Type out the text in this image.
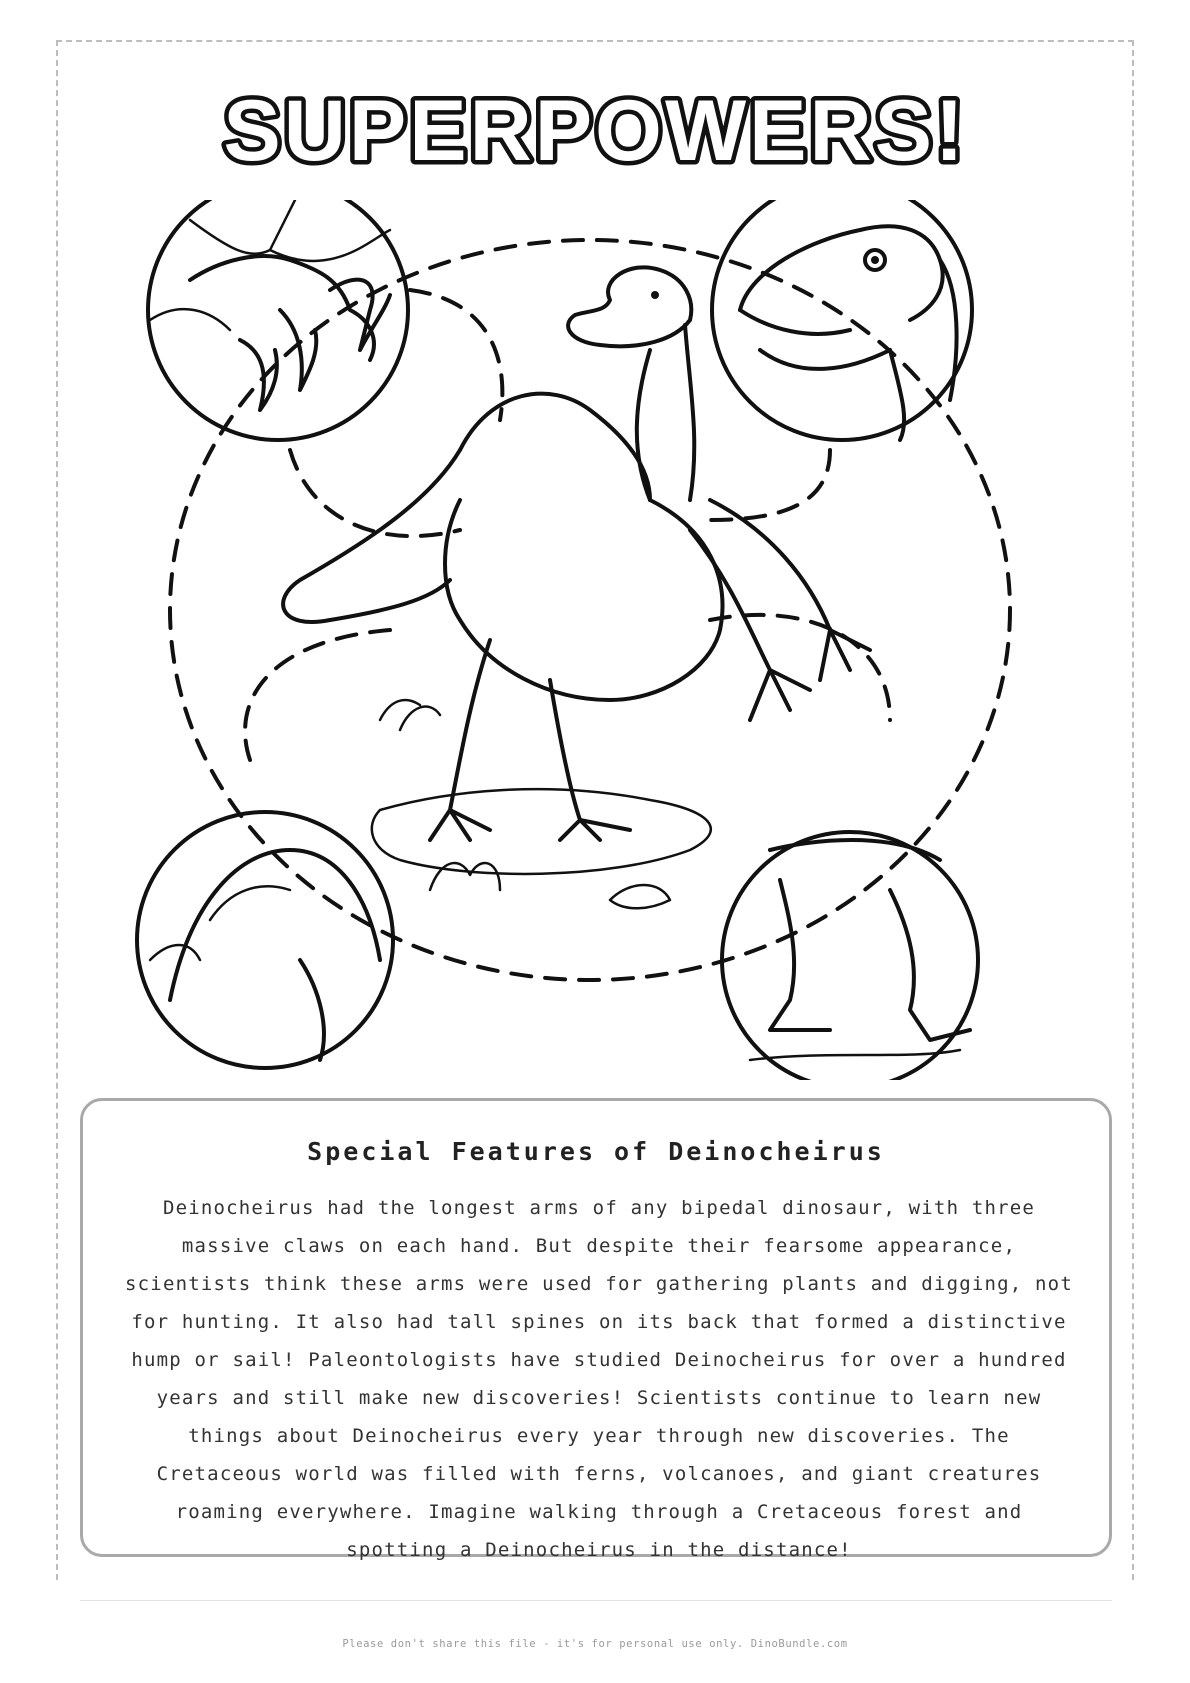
SUPERPOWERS!
Special Features of Deinocheirus

Deinocheirus had the longest arms of any bipedal dinosaur, with three massive claws on each hand. But despite their fearsome appearance, scientists think these arms were used for gathering plants and digging, not for hunting. It also had tall spines on its back that formed a distinctive hump or sail! Paleontologists have studied Deinocheirus for over a hundred years and still make new discoveries! Scientists continue to learn new things about Deinocheirus every year through new discoveries. The Cretaceous world was filled with ferns, volcanoes, and giant creatures roaming everywhere. Imagine walking through a Cretaceous forest and spotting a Deinocheirus in the distance!

Please don't share this file - it's for personal use only. DinoBundle.com
